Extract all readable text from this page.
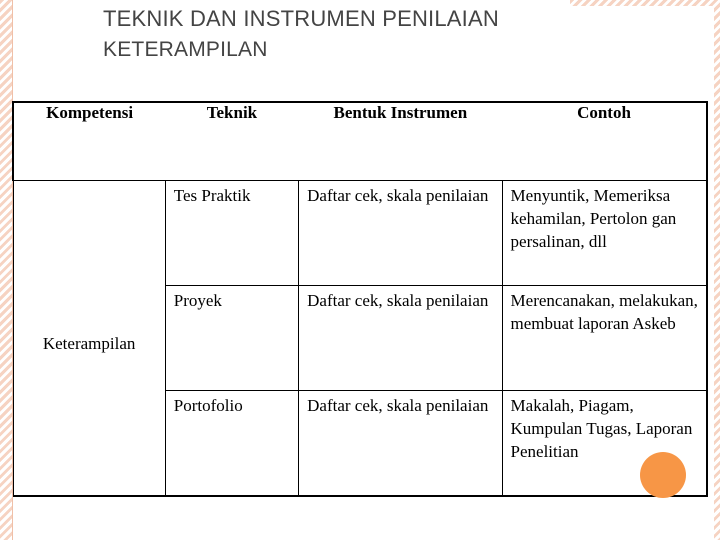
TEKNIK DAN INSTRUMEN PENILAIAN
KETERAMPILAN
Kompetensi	Teknik	Bentuk Instrumen	Contoh

Keterampilan	Tes Praktik	Daftar cek, skala penilaian	Menyuntik, Memeriksa kehamilan, Pertolon gan persalinan, dll

	Proyek	Daftar cek, skala penilaian	Merencanakan, melakukan, membuat laporan Askeb

	Portofolio	Daftar cek, skala penilaian	Makalah, Piagam, Kumpulan Tugas, Laporan Penelitian
